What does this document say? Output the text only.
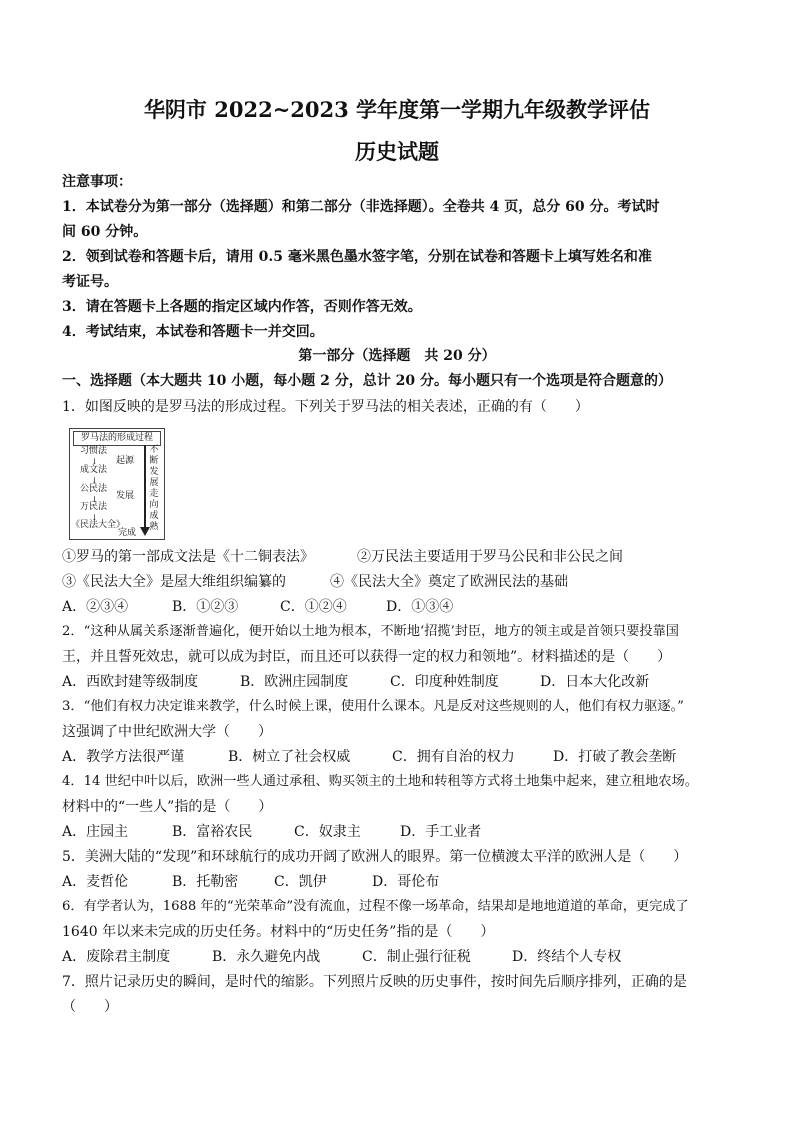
华阴市 2022~2023 学年度第一学期九年级教学评估
历史试题
注意事项：
1．本试卷分为第一部分（选择题）和第二部分（非选择题）。全卷共 4 页，总分 60 分。考试时
间 60 分钟。
2．领到试卷和答题卡后，请用 0.5 毫米黑色墨水签字笔，分别在试卷和答题卡上填写姓名和准
考证号。
3．请在答题卡上各题的指定区域内作答，否则作答无效。
4．考试结束，本试卷和答题卡一并交回。
第一部分（选择题　共 20 分）
一、选择题（本大题共 10 小题，每小题 2 分，总计 20 分。每小题只有一个选项是符合题意的）
1．如图反映的是罗马法的形成过程。下列关于罗马法的相关表述，正确的有（　　）
罗马法的形成过程
习惯法
↓
成文法
↓
公民法
↓
万民法
↓
《民法大全》
起源
发展
完成
不断发展走向成熟
①罗马的第一部成文法是《十二铜表法》	②万民法主要适用于罗马公民和非公民之间
③《民法大全》是屋大维组织编纂的	④《民法大全》奠定了欧洲民法的基础
A．②③④	B．①②③	C．①②④	D．①③④
2．“这种从属关系逐渐普遍化，便开始以土地为根本，不断地‘招揽’封臣，地方的领主或是首领只要投靠国
王，并且誓死效忠，就可以成为封臣，而且还可以获得一定的权力和领地”。材料描述的是（　　）
A．西欧封建等级制度	B．欧洲庄园制度	C．印度种姓制度	D．日本大化改新
3．“他们有权力决定谁来教学，什么时候上课，使用什么课本。凡是反对这些规则的人，他们有权力驱逐。”
这强调了中世纪欧洲大学（　　）
A．教学方法很严谨	B．树立了社会权威	C．拥有自治的权力	D．打破了教会垄断
4．14 世纪中叶以后，欧洲一些人通过承租、购买领主的土地和转租等方式将土地集中起来，建立租地农场。
材料中的“一些人”指的是（　　）
A．庄园主	B．富裕农民	C．奴隶主	D．手工业者
5．美洲大陆的“发现”和环球航行的成功开阔了欧洲人的眼界。第一位横渡太平洋的欧洲人是（　　）
A．麦哲伦	B．托勒密	C．凯伊	D．哥伦布
6．有学者认为，1688 年的“光荣革命”没有流血，过程不像一场革命，结果却是地地道道的革命，更完成了
1640 年以来未完成的历史任务。材料中的“历史任务”指的是（　　）
A．废除君主制度	B．永久避免内战	C．制止强行征税	D．终结个人专权
7．照片记录历史的瞬间，是时代的缩影。下列照片反映的历史事件，按时间先后顺序排列，正确的是
（　　）
